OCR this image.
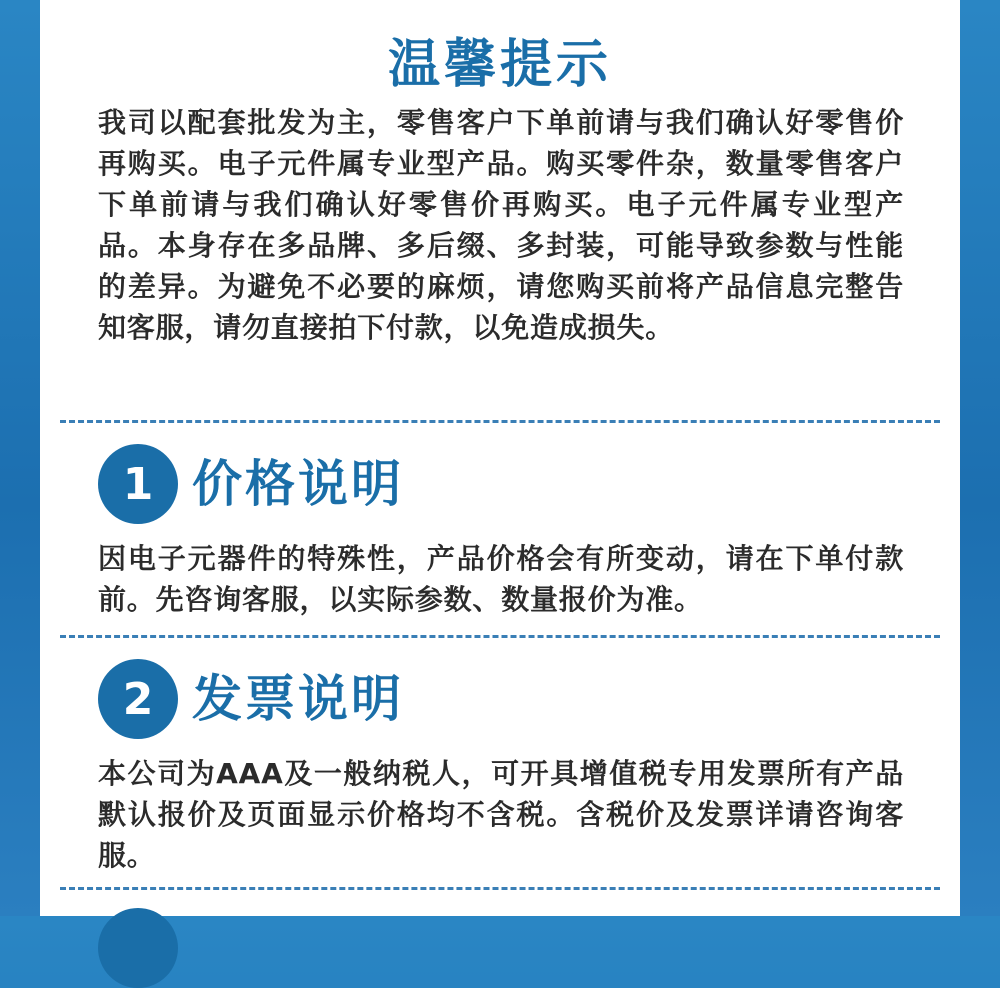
温馨提示

我司以配套批发为主，零售客户下单前请与我们确认好零售价再购买。电子元件属专业型产品。购买零件杂，数量零售客户下单前请与我们确认好零售价再购买。电子元件属专业型产品。本身存在多品牌、多后缀、多封装，可能导致参数与性能的差异。为避免不必要的麻烦，请您购买前将产品信息完整告知客服，请勿直接拍下付款，以免造成损失。

1 价格说明

因电子元器件的特殊性，产品价格会有所变动，请在下单付款前。先咨询客服，以实际参数、数量报价为准。

2 发票说明

本公司为AAA及一般纳税人，可开具增值税专用发票所有产品默认报价及页面显示价格均不含税。含税价及发票详请咨询客服。
